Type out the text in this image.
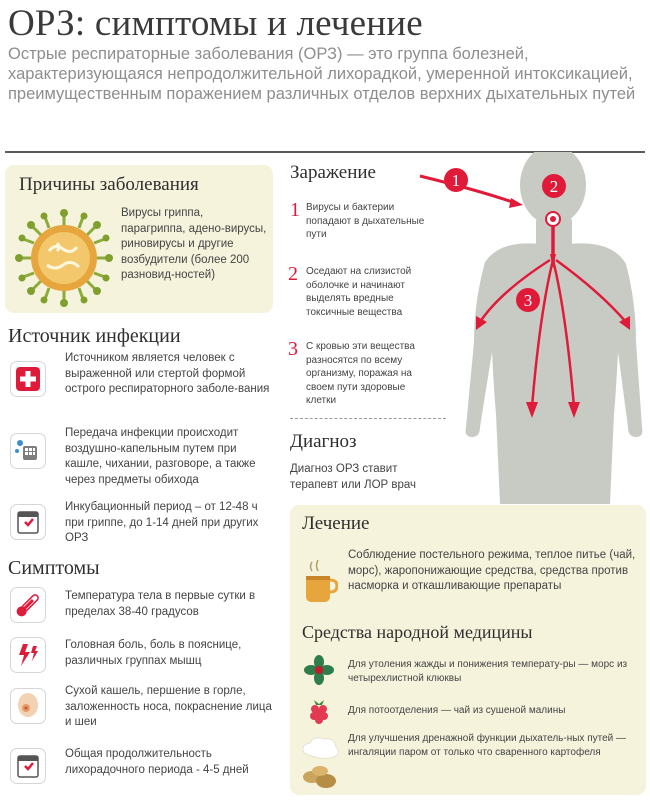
ОРЗ: симптомы и лечение
Острые респираторные заболевания (ОРЗ) — это группа болезней, характеризующаяся непродолжительной лихорадкой, умеренной интоксикацией, преимущественным поражением различных отделов верхних дыхательных путей
Причины заболевания
Вирусы гриппа, парагриппа, адено-вирусы, риновирусы и другие возбудители (более 200 разновид-ностей)
Источник инфекции
Источником является человек с выраженной или стертой формой острого респираторного заболе-вания
Передача инфекции происходит воздушно-капельным путем при кашле, чихании, разговоре, а также через предметы обихода
Инкубационный период – от 12-48 ч при гриппе, до 1-14 дней при других ОРЗ
Симптомы
Температура тела в первые сутки в пределах 38-40 градусов
Головная боль, боль в пояснице, различных группах мышц
Сухой кашель, першение в горле, заложенность носа, покраснение лица и шеи
Общая продолжительность лихорадочного периода - 4-5 дней
1	2
3
Заражение
1 Вирусы и бактерии попадают в дыхательные пути
2 Оседают на слизистой оболочке и начинают выделять вредные токсичные вещества
3 С кровью эти вещества разносятся по всему организму, поражая на своем пути здоровые клетки
Диагноз
Диагноз ОРЗ ставит терапевт или ЛОР врач
Лечение
Соблюдение постельного режима, теплое питье (чай, морс), жаропонижающие средства, средства против насморка и откашливающие препараты
Средства народной медицины
Для утоления жажды и понижения температу-ры — морс из четырехлистной клюквы
Для потоотделения — чай из сушеной малины
Для улучшения дренажной функции дыхатель-ных путей — ингаляции паром от только что сваренного картофеля
